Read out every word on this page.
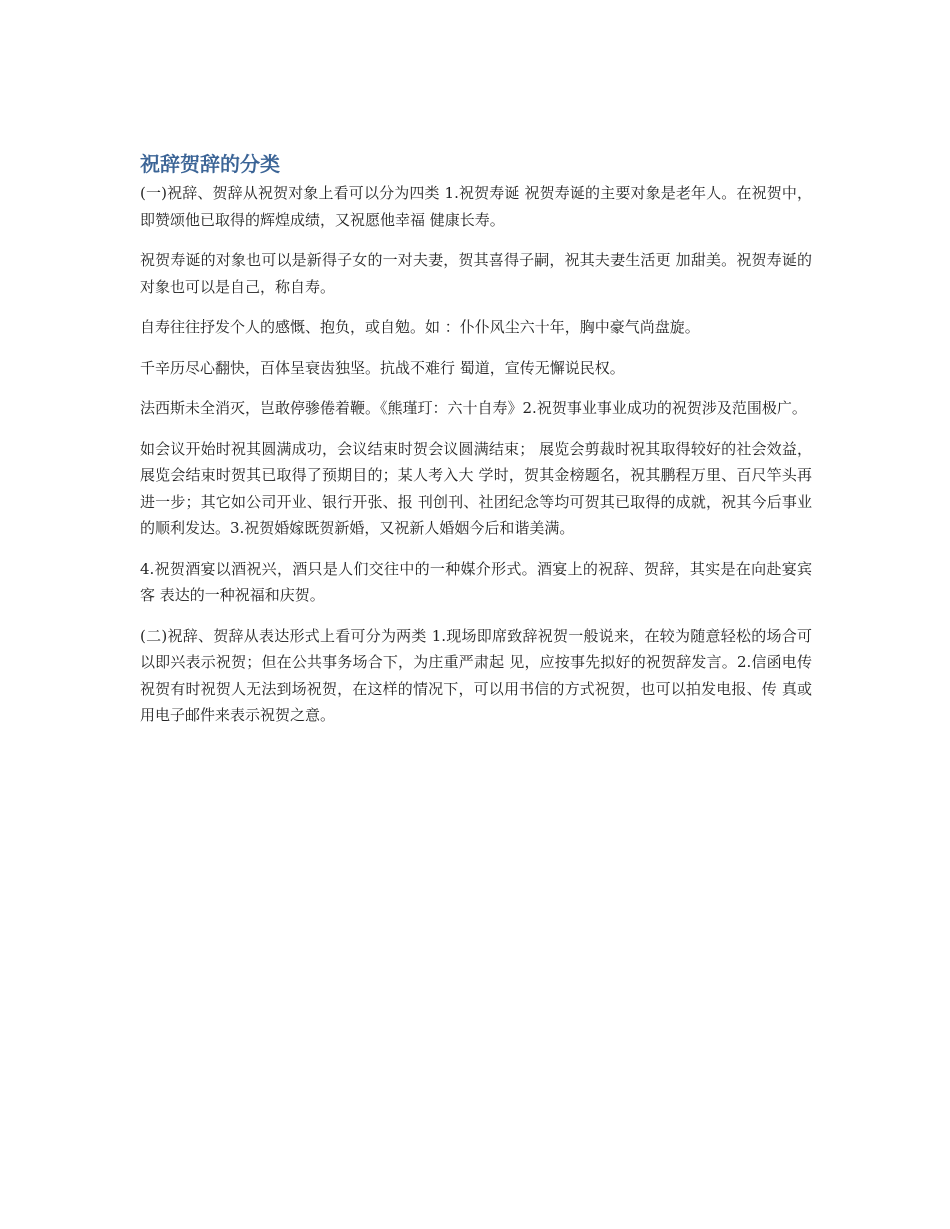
祝辞贺辞的分类

(一)祝辞、贺辞从祝贺对象上看可以分为四类 1.祝贺寿诞 祝贺寿诞的主要对象是老年人。在祝贺中，即赞颂他已取得的辉煌成绩，又祝愿他幸福 健康长寿。

祝贺寿诞的对象也可以是新得子女的一对夫妻，贺其喜得子嗣，祝其夫妻生活更 加甜美。祝贺寿诞的对象也可以是自己，称自寿。

自寿往往抒发个人的感慨、抱负，或自勉。如 ：仆仆风尘六十年，胸中豪气尚盘旋。

千辛历尽心翻快，百体呈衰齿独坚。抗战不难行 蜀道，宣传无懈说民权。

法西斯未全消灭，岂敢停骖倦着鞭。《熊瑾玎：六十自寿》2.祝贺事业事业成功的祝贺涉及范围极广。

如会议开始时祝其圆满成功，会议结束时贺会议圆满结束； 展览会剪裁时祝其取得较好的社会效益，展览会结束时贺其已取得了预期目的；某人考入大 学时，贺其金榜题名，祝其鹏程万里、百尺竿头再进一步；其它如公司开业、银行开张、报 刊创刊、社团纪念等均可贺其已取得的成就，祝其今后事业的顺利发达。3.祝贺婚嫁既贺新婚，又祝新人婚姻今后和谐美满。

4.祝贺酒宴以酒祝兴，酒只是人们交往中的一种媒介形式。酒宴上的祝辞、贺辞，其实是在向赴宴宾客 表达的一种祝福和庆贺。

(二)祝辞、贺辞从表达形式上看可分为两类 1.现场即席致辞祝贺一般说来，在较为随意轻松的场合可以即兴表示祝贺；但在公共事务场合下，为庄重严肃起 见，应按事先拟好的祝贺辞发言。2.信函电传祝贺有时祝贺人无法到场祝贺，在这样的情况下，可以用书信的方式祝贺，也可以拍发电报、传 真或用电子邮件来表示祝贺之意。
